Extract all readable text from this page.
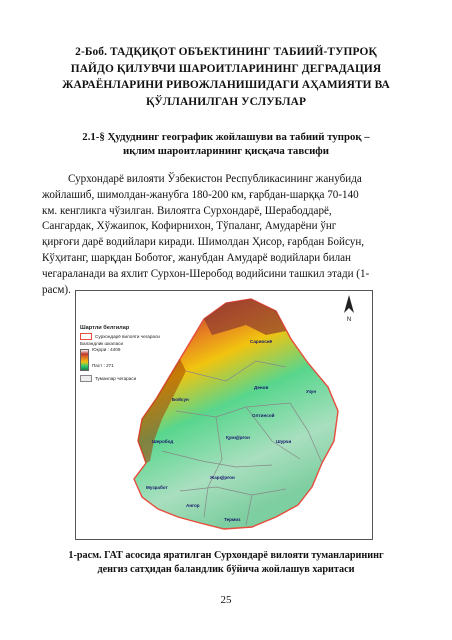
2-Боб. ТАДҚИҚОТ ОБЪЕКТИНИНГ ТАБИИЙ-ТУПРОҚ
ПАЙДО ҚИЛУВЧИ ШАРОИТЛАРИНИНГ ДЕГРАДАЦИЯ
ЖАРАЁНЛАРИНИ РИВОЖЛАНИШИДАГИ АҲАМИЯТИ ВА
ҚЎЛЛАНИЛГАН УСЛУБЛАР
2.1-§ Ҳудуднинг географик жойлашуви ва табиий тупроқ –
иқлим шароитларининг қисқача тавсифи
Сурхондарё вилояти Ўзбекистон Республикасининг жанубида
жойлашиб, шимолдан-жанубга 180-200 км, ғарбдан-шарққа 70-140
км. кенгликга чўзилган. Вилоятга Сурхондарё, Шерабоддарё,
Сангардак, Хўжаипок, Кофирнихон, Тўпаланг, Амударёни ўнг
қирғоғи дарё водийлари киради. Шимолдан Ҳисор, ғарбдан Бойсун,
Кўҳитанг, шарқдан Боботоғ, жанубдан Амударё водийлари билан
чегараланади ва яхлит Сурхон-Шеробод водийсини ташкил этади (1-
расм).
Сариосиё
Узун
Денов
Бойсун
Олтинсой
Шурчи
Қумқўрғон
Шеробод
Жарқўрғон
Музработ
Ангор
Термиз
Шартли белгилар
Сурхондарё вилояти чегараси
Баландлик шкаласи
Юқори : 4409
Паст : 271
Туманлар чегараси
N
1-расм. ГАТ асосида яратилган Сурхондарё вилояти туманларининг
денгиз сатҳидан баландлик бўйича жойлашув харитаси
25
